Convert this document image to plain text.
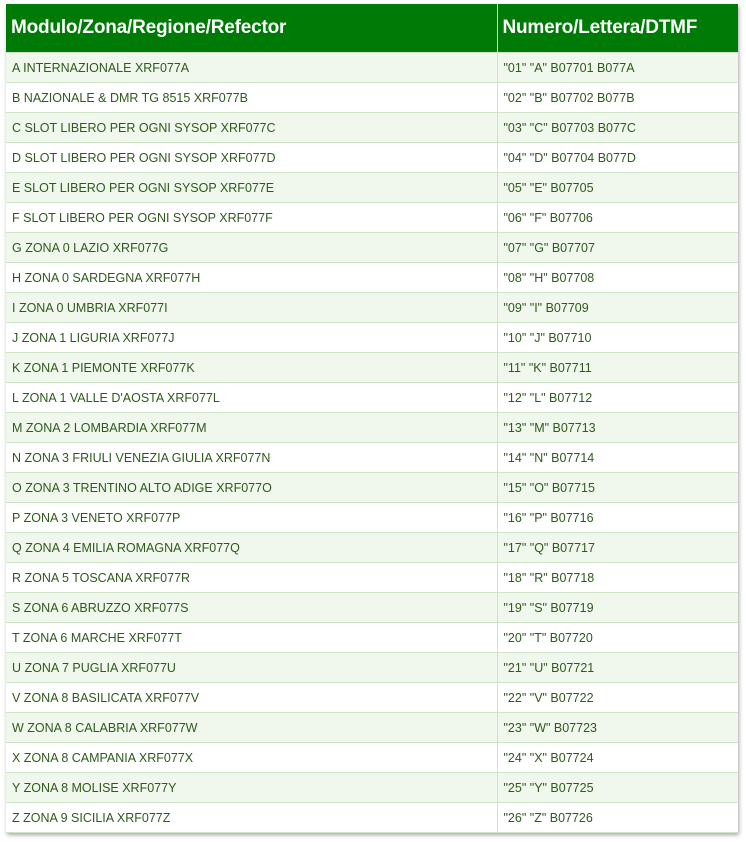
Modulo/Zona/Regione/Refector	Numero/Lettera/DTMF
A INTERNAZIONALE XRF077A	"01" "A" B07701 B077A
B NAZIONALE & DMR TG 8515 XRF077B	"02" "B" B07702 B077B
C SLOT LIBERO PER OGNI SYSOP XRF077C	"03" "C" B07703 B077C
D SLOT LIBERO PER OGNI SYSOP XRF077D	"04" "D" B07704 B077D
E SLOT LIBERO PER OGNI SYSOP XRF077E	"05" "E" B07705
F SLOT LIBERO PER OGNI SYSOP XRF077F	"06" "F" B07706
G ZONA 0 LAZIO XRF077G	"07" "G" B07707
H ZONA 0 SARDEGNA XRF077H	"08" "H" B07708
I ZONA 0 UMBRIA XRF077I	"09" "I" B07709
J ZONA 1 LIGURIA XRF077J	"10" "J" B07710
K ZONA 1 PIEMONTE XRF077K	"11" "K" B07711
L ZONA 1 VALLE D'AOSTA XRF077L	"12" "L" B07712
M ZONA 2 LOMBARDIA XRF077M	"13" "M" B07713
N ZONA 3 FRIULI VENEZIA GIULIA XRF077N	"14" "N" B07714
O ZONA 3 TRENTINO ALTO ADIGE XRF077O	"15" "O" B07715
P ZONA 3 VENETO XRF077P	"16" "P" B07716
Q ZONA 4 EMILIA ROMAGNA XRF077Q	"17" "Q" B07717
R ZONA 5 TOSCANA XRF077R	"18" "R" B07718
S ZONA 6 ABRUZZO XRF077S	"19" "S" B07719
T ZONA 6 MARCHE XRF077T	"20" "T" B07720
U ZONA 7 PUGLIA XRF077U	"21" "U" B07721
V ZONA 8 BASILICATA XRF077V	"22" "V" B07722
W ZONA 8 CALABRIA XRF077W	"23" "W" B07723
X ZONA 8 CAMPANIA XRF077X	"24" "X" B07724
Y ZONA 8 MOLISE XRF077Y	"25" "Y" B07725
Z ZONA 9 SICILIA XRF077Z	"26" "Z" B07726
